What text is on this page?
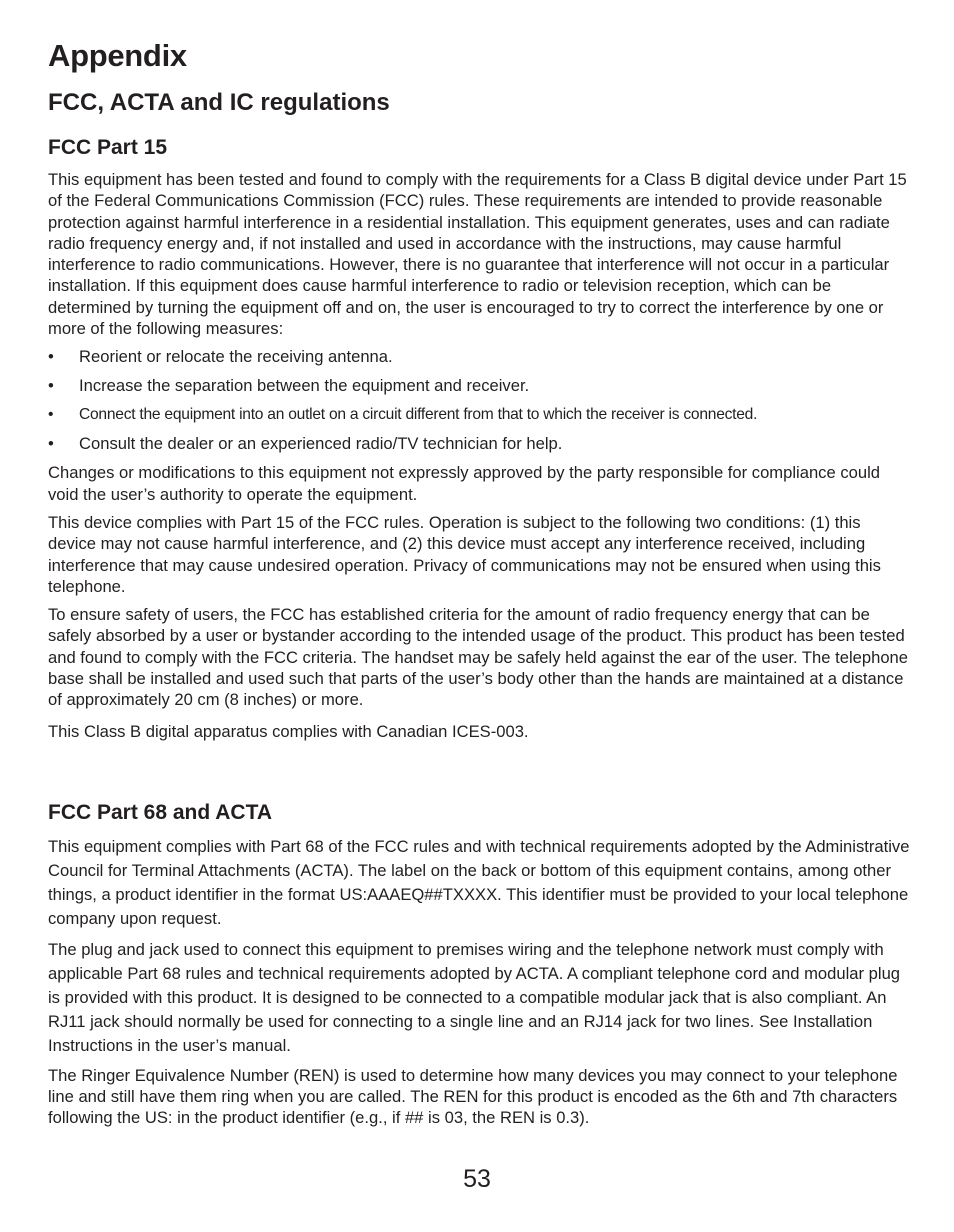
Appendix
FCC, ACTA and IC regulations
FCC Part 15

This equipment has been tested and found to comply with the requirements for a Class B digital device under Part 15 of the Federal Communications Commission (FCC) rules. These requirements are intended to provide reasonable protection against harmful interference in a residential installation. This equipment generates, uses and can radiate radio frequency energy and, if not installed and used in accordance with the instructions, may cause harmful interference to radio communications. However, there is no guarantee that interference will not occur in a particular installation. If this equipment does cause harmful interference to radio or television reception, which can be determined by turning the equipment off and on, the user is encouraged to try to correct the interference by one or more of the following measures:

• Reorient or relocate the receiving antenna.
• Increase the separation between the equipment and receiver.
• Connect the equipment into an outlet on a circuit different from that to which the receiver is connected.
• Consult the dealer or an experienced radio/TV technician for help.

Changes or modifications to this equipment not expressly approved by the party responsible for compliance could void the user’s authority to operate the equipment.

This device complies with Part 15 of the FCC rules. Operation is subject to the following two conditions: (1) this device may not cause harmful interference, and (2) this device must accept any interference received, including interference that may cause undesired operation. Privacy of communications may not be ensured when using this telephone.

To ensure safety of users, the FCC has established criteria for the amount of radio frequency energy that can be safely absorbed by a user or bystander according to the intended usage of the product. This product has been tested and found to comply with the FCC criteria. The handset may be safely held against the ear of the user. The telephone base shall be installed and used such that parts of the user’s body other than the hands are maintained at a distance of approximately 20 cm (8 inches) or more.

This Class B digital apparatus complies with Canadian ICES-003.

FCC Part 68 and ACTA

This equipment complies with Part 68 of the FCC rules and with technical requirements adopted by the Administrative Council for Terminal Attachments (ACTA). The label on the back or bottom of this equipment contains, among other things, a product identifier in the format US:AAAEQ##TXXXX. This identifier must be provided to your local telephone company upon request.

The plug and jack used to connect this equipment to premises wiring and the telephone network must comply with applicable Part 68 rules and technical requirements adopted by ACTA. A compliant telephone cord and modular plug is provided with this product. It is designed to be connected to a compatible modular jack that is also compliant. An RJ11 jack should normally be used for connecting to a single line and an RJ14 jack for two lines. See Installation Instructions in the user’s manual.

The Ringer Equivalence Number (REN) is used to determine how many devices you may connect to your telephone line and still have them ring when you are called. The REN for this product is encoded as the 6th and 7th characters following the US: in the product identifier (e.g., if ## is 03, the REN is 0.3).

53
